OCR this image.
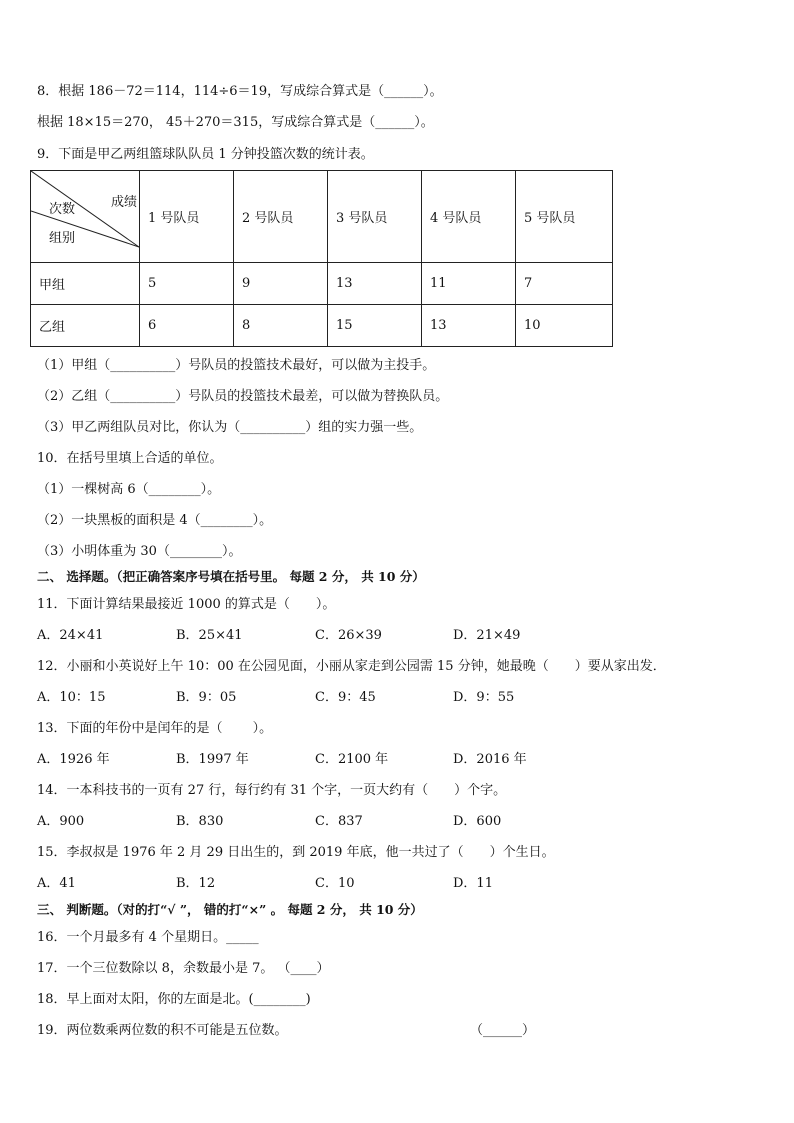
8．根据 186－72＝114，114÷6＝19，写成综合算式是（______）。
根据 18×15＝270， 45＋270＝315，写成综合算式是（______）。
9．下面是甲乙两组篮球队队员 1 分钟投篮次数的统计表。
成绩
次数
组别	1 号队员	2 号队员	3 号队员	4 号队员	5 号队员
甲组	5	9	13	11	7
乙组	6	8	15	13	10
（1）甲组（__________）号队员的投篮技术最好，可以做为主投手。
（2）乙组（__________）号队员的投篮技术最差，可以做为替换队员。
（3）甲乙两组队员对比，你认为（__________）组的实力强一些。
10．在括号里填上合适的单位。
（1）一棵树高 6（________）。
（2）一块黑板的面积是 4（________）。
（3）小明体重为 30（________）。
二、 选择题。（把正确答案序号填在括号里。 每题 2 分， 共 10 分）
11．下面计算结果最接近 1000 的算式是（　　）。
A．24×41	B．25×41	C．26×39	D．21×49
12．小丽和小英说好上午 10：00 在公园见面，小丽从家走到公园需 15 分钟，她最晚（　　）要从家出发．
A．10：15	B．9：05	C．9：45	D．9：55
13．下面的年份中是闰年的是（　　 ）。
A．1926 年	B．1997 年	C．2100 年	D．2016 年
14．一本科技书的一页有 27 行，每行约有 31 个字，一页大约有（　　）个字。
A．900	B．830	C．837	D．600
15．李叔叔是 1976 年 2 月 29 日出生的，到 2019 年底，他一共过了（　　）个生日。
A．41	B．12	C．10	D．11
三、 判断题。（对的打“√ ”， 错的打“×” 。 每题 2 分， 共 10 分）
16．一个月最多有 4 个星期日。_____
17．一个三位数除以 8，余数最小是 7。 （____）
18．早上面对太阳，你的左面是北。(________)
19．两位数乘两位数的积不可能是五位数。	（______）
